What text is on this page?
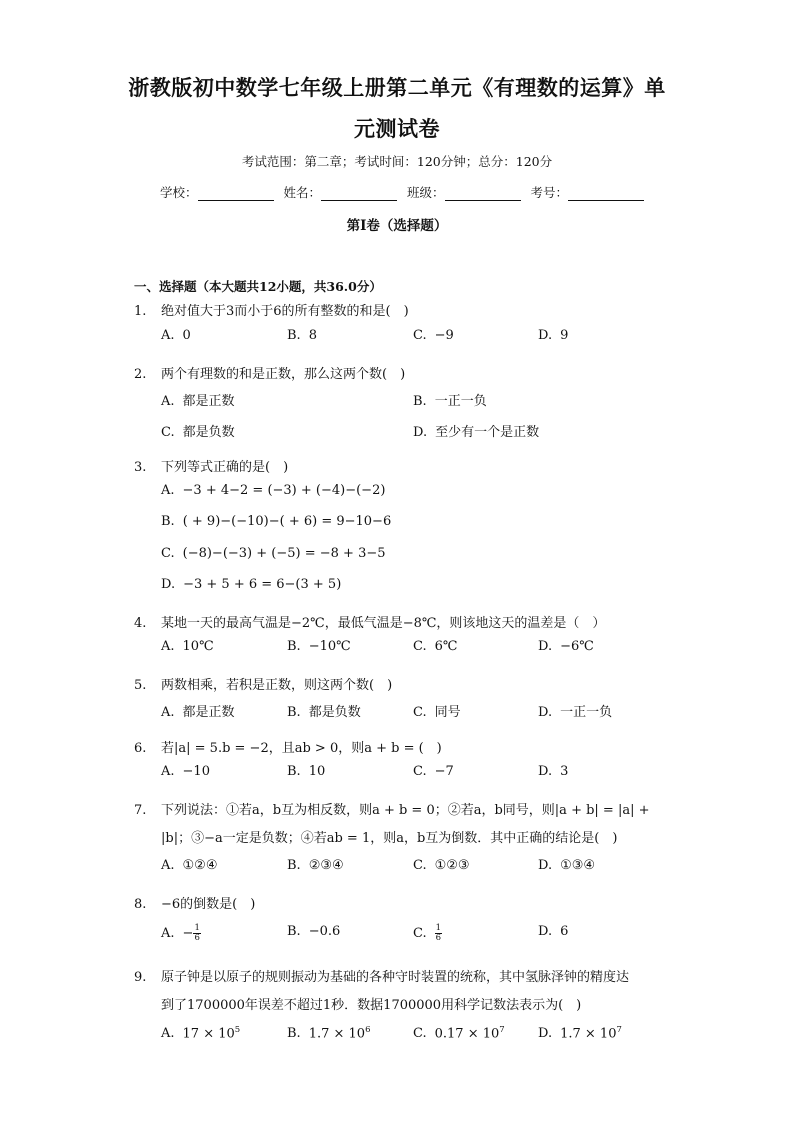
浙教版初中数学七年级上册第二单元《有理数的运算》单
元测试卷
考试范围：第二章；考试时间：120分钟；总分：120分
学校：	姓名：	班级：	考号：
第Ⅰ卷（选择题）
一、选择题（本大题共12小题，共36.0分）
1. 绝对值大于3而小于6的所有整数的和是(　)
A. 0	B. 8	C. −9	D. 9
2. 两个有理数的和是正数，那么这两个数(　)
A. 都是正数	B. 一正一负
C. 都是负数	D. 至少有一个是正数
3. 下列等式正确的是(　)
A. −3 + 4−2 = (−3) + (−4)−(−2)
B. ( + 9)−(−10)−( + 6) = 9−10−6
C. (−8)−(−3) + (−5) = −8 + 3−5
D. −3 + 5 + 6 = 6−(3 + 5)
4. 某地一天的最高气温是−2℃，最低气温是−8℃，则该地这天的温差是（　）
A. 10℃	B. −10℃	C. 6℃	D. −6℃
5. 两数相乘，若积是正数，则这两个数(　)
A. 都是正数	B. 都是负数	C. 同号	D. 一正一负
6. 若|a| = 5.b = −2，且ab > 0，则a + b = (　)
A. −10	B. 10	C. −7	D. 3
7. 下列说法：①若a，b互为相反数，则a + b = 0；②若a，b同号，则|a + b| = |a| +
|b|；③−a一定是负数；④若ab = 1，则a，b互为倒数．其中正确的结论是(　)
A. ①②④	B. ②③④	C. ①②③	D. ①③④
8. −6的倒数是(　)
A. − $\frac{1}{6}$	B. −0.6	C. $\frac{1}{6}$	D. 6
9. 原子钟是以原子的规则振动为基础的各种守时装置的统称，其中氢脉泽钟的精度达
到了1700000年误差不超过1秒．数据1700000用科学记数法表示为(　)
A. $17 \times 10^5$	B. $1.7 \times 10^6$	C. $0.17 \times 10^7$	D. $1.7 \times 10^7$
